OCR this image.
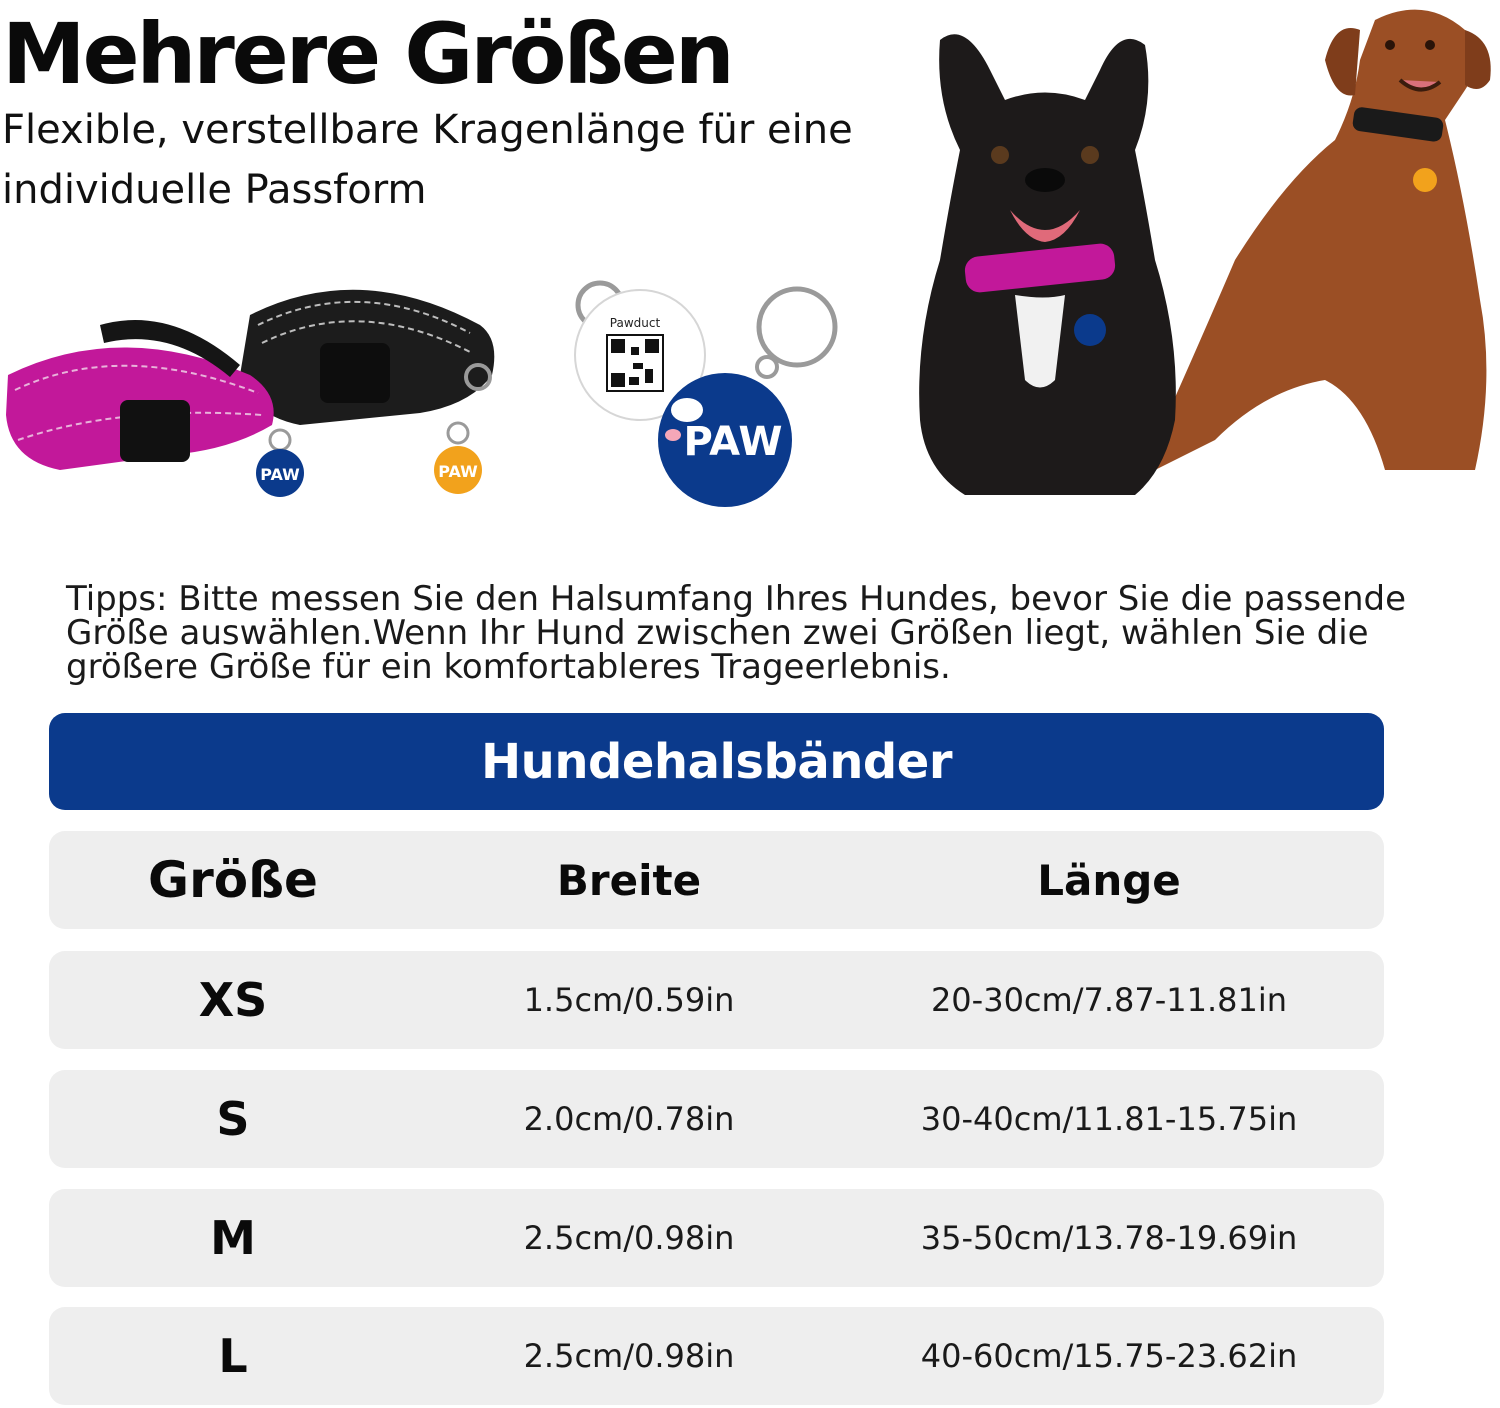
Mehrere Größen
Flexible, verstellbare Kragenlänge für eine individuelle Passform
PAW	PAW
Pawduct
PAW
Tipps: Bitte messen Sie den Halsumfang Ihres Hundes, bevor Sie die passende Größe auswählen.Wenn Ihr Hund zwischen zwei Größen liegt, wählen Sie die größere Größe für ein komfortableres Trageerlebnis.
Hundehalsbänder
Größe	Breite	Länge
XS	1.5cm/0.59in	20-30cm/7.87-11.81in
S	2.0cm/0.78in	30-40cm/11.81-15.75in
M	2.5cm/0.98in	35-50cm/13.78-19.69in
L	2.5cm/0.98in	40-60cm/15.75-23.62in
